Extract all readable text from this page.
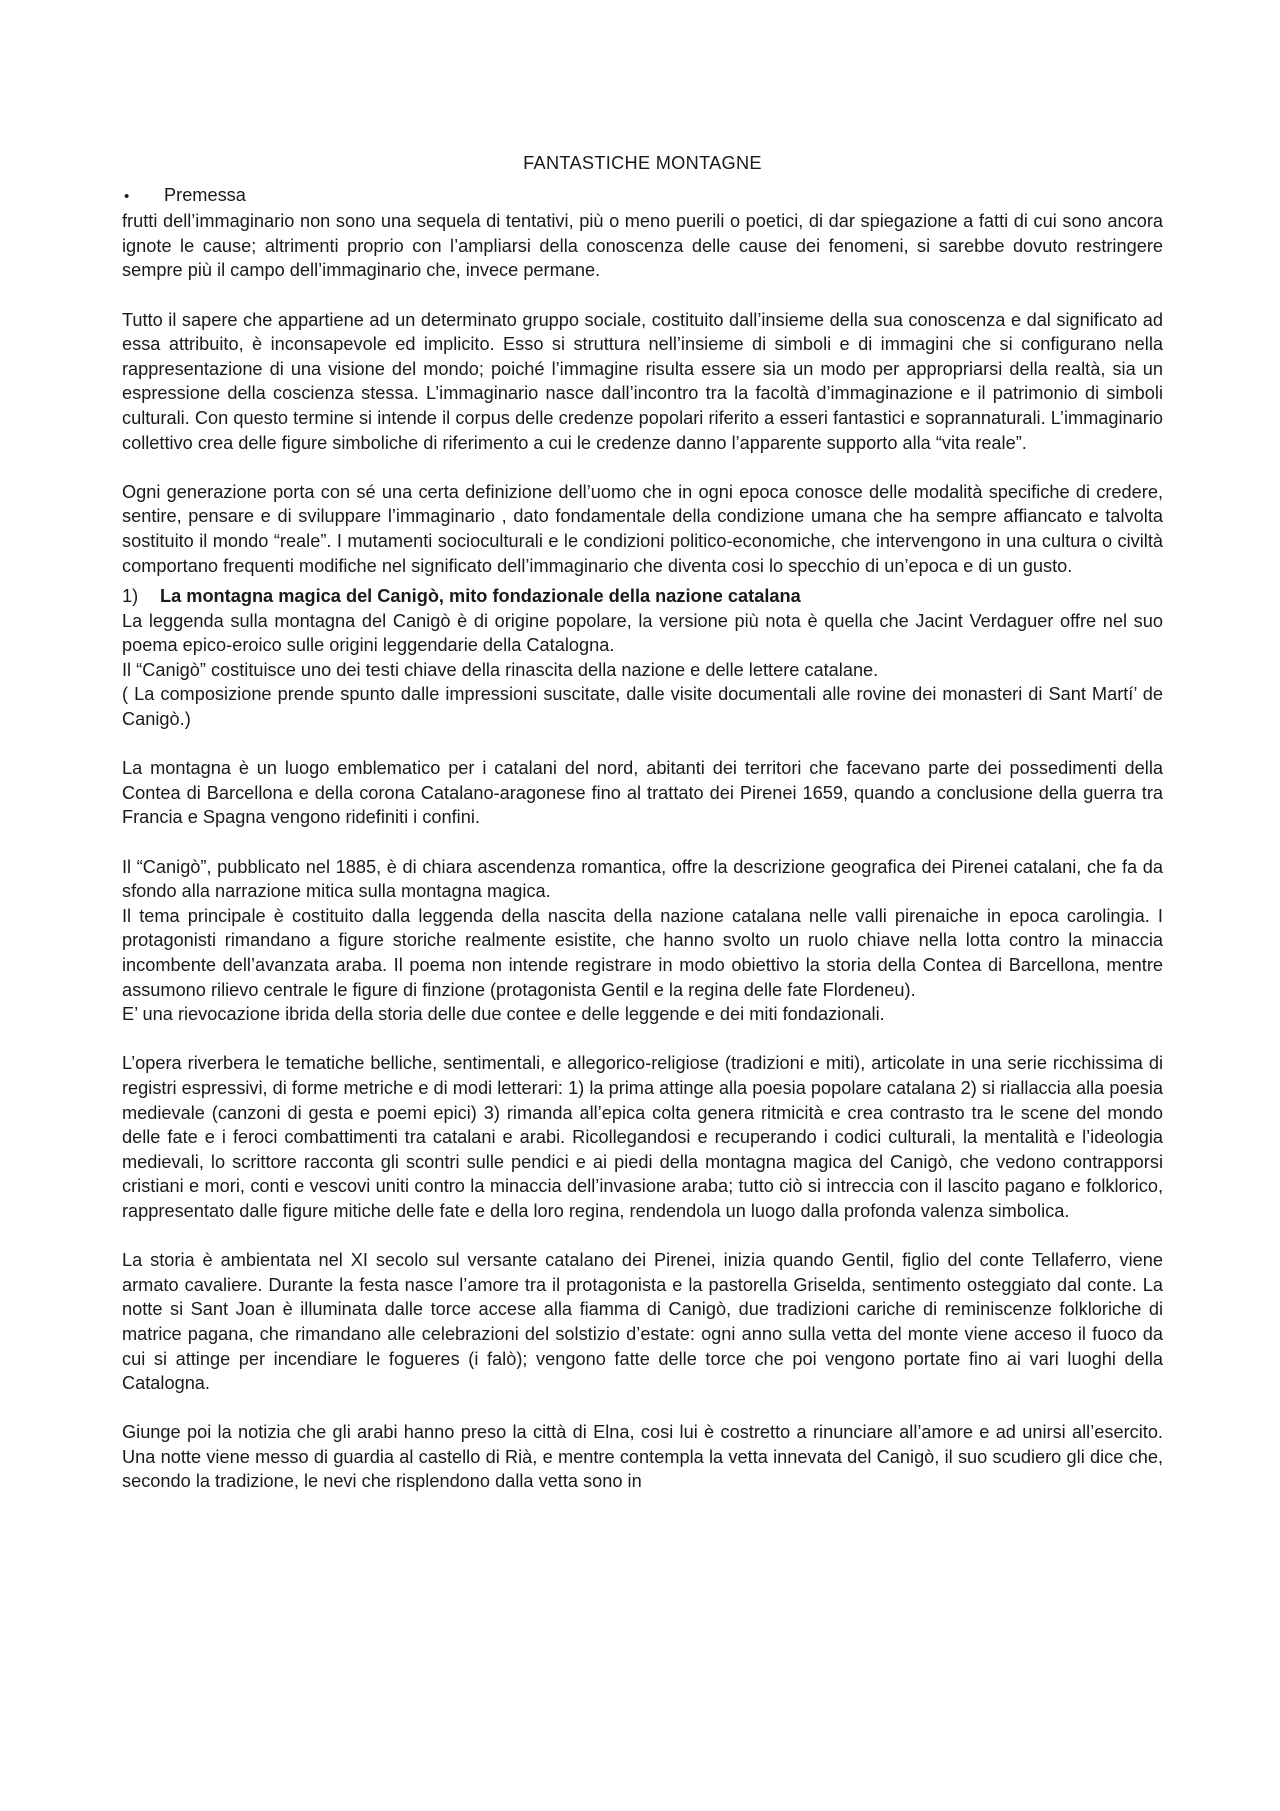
FANTASTICHE MONTAGNE
•	Premessa

frutti dell’immaginario non sono una sequela di tentativi, più o meno puerili o poetici, di dar spiegazione a fatti di cui sono ancora ignote le cause; altrimenti proprio con l’ampliarsi della conoscenza delle cause dei fenomeni, si sarebbe dovuto restringere sempre più il campo dell’immaginario che, invece permane.

Tutto il sapere che appartiene ad un determinato gruppo sociale, costituito dall’insieme della sua conoscenza e dal significato ad essa attribuito, è inconsapevole ed implicito. Esso si struttura nell’insieme di simboli e di immagini che si configurano nella rappresentazione di una visione del mondo; poiché l’immagine risulta essere sia un modo per appropriarsi della realtà, sia un espressione della coscienza stessa. L’immaginario nasce dall’incontro tra la facoltà d’immaginazione e il patrimonio di simboli culturali. Con questo termine si intende il corpus delle credenze popolari riferito a esseri fantastici e soprannaturali. L’immaginario collettivo crea delle figure simboliche di riferimento a cui le credenze danno l’apparente supporto alla “vita reale”.

Ogni generazione porta con sé una certa definizione dell’uomo che in ogni epoca conosce delle modalità specifiche di credere, sentire, pensare e di sviluppare l’immaginario , dato fondamentale della condizione umana che ha sempre affiancato e talvolta sostituito il mondo “reale”. I mutamenti socioculturali e le condizioni politico-economiche, che intervengono in una cultura o civiltà comportano frequenti modifiche nel significato dell’immaginario che diventa cosi lo specchio di un’epoca e di un gusto.

1)	La montagna magica del Canigò, mito fondazionale della nazione catalana

La leggenda sulla montagna del Canigò è di origine popolare, la versione più nota è quella che Jacint Verdaguer offre nel suo poema epico-eroico sulle origini leggendarie della Catalogna.

Il “Canigò” costituisce uno dei testi chiave della rinascita della nazione e delle lettere catalane.

( La composizione prende spunto dalle impressioni suscitate, dalle visite documentali alle rovine dei monasteri di Sant Martí’ de Canigò.)

La montagna è un luogo emblematico per i catalani del nord, abitanti dei territori che facevano parte dei possedimenti della Contea di Barcellona e della corona Catalano-aragonese fino al trattato dei Pirenei 1659, quando a conclusione della guerra tra Francia e Spagna vengono ridefiniti i confini.

Il “Canigò”, pubblicato nel 1885, è di chiara ascendenza romantica, offre la descrizione geografica dei Pirenei catalani, che fa da sfondo alla narrazione mitica sulla montagna magica.

Il tema principale è costituito dalla leggenda della nascita della nazione catalana nelle valli pirenaiche in epoca carolingia. I protagonisti rimandano a figure storiche realmente esistite, che hanno svolto un ruolo chiave nella lotta contro la minaccia incombente dell’avanzata araba. Il poema non intende registrare in modo obiettivo la storia della Contea di Barcellona, mentre assumono rilievo centrale le figure di finzione (protagonista Gentil e la regina delle fate Flordeneu).

E’ una rievocazione ibrida della storia delle due contee e delle leggende e dei miti fondazionali.

L’opera riverbera le tematiche belliche, sentimentali, e allegorico-religiose (tradizioni e miti), articolate in una serie ricchissima di registri espressivi, di forme metriche e di modi letterari: 1) la prima attinge alla poesia popolare catalana 2) si riallaccia alla poesia medievale (canzoni di gesta e poemi epici) 3) rimanda all’epica colta genera ritmicità e crea contrasto tra le scene del mondo delle fate e i feroci combattimenti tra catalani e arabi. Ricollegandosi e recuperando i codici culturali, la mentalità e l’ideologia medievali, lo scrittore racconta gli scontri sulle pendici e ai piedi della montagna magica del Canigò, che vedono contrapporsi cristiani e mori, conti e vescovi uniti contro la minaccia dell’invasione araba; tutto ciò si intreccia con il lascito pagano e folklorico, rappresentato dalle figure mitiche delle fate e della loro regina, rendendola un luogo dalla profonda valenza simbolica.

La storia è ambientata nel XI secolo sul versante catalano dei Pirenei, inizia quando Gentil, figlio del conte Tellaferro, viene armato cavaliere. Durante la festa nasce l’amore tra il protagonista e la pastorella Griselda, sentimento osteggiato dal conte. La notte si Sant Joan è illuminata dalle torce accese alla fiamma di Canigò, due tradizioni cariche di reminiscenze folkloriche di matrice pagana, che rimandano alle celebrazioni del solstizio d’estate: ogni anno sulla vetta del monte viene acceso il fuoco da cui si attinge per incendiare le fogueres (i falò); vengono fatte delle torce che poi vengono portate fino ai vari luoghi della Catalogna.

Giunge poi la notizia che gli arabi hanno preso la città di Elna, cosi lui è costretto a rinunciare all’amore e ad unirsi all’esercito. Una notte viene messo di guardia al castello di Rià, e mentre contempla la vetta innevata del Canigò, il suo scudiero gli dice che, secondo la tradizione, le nevi che risplendono dalla vetta sono in
